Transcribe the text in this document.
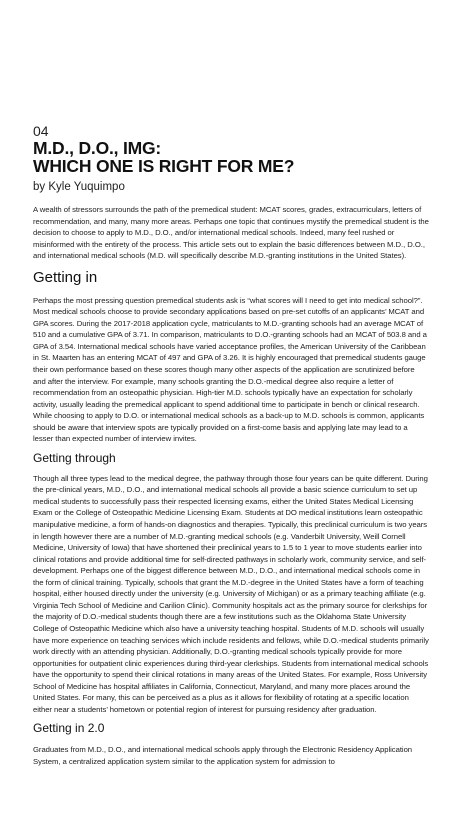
04
M.D., D.O., IMG:
WHICH ONE IS RIGHT FOR ME?
by Kyle Yuquimpo

A wealth of stressors surrounds the path of the premedical student: MCAT scores, grades, extracurriculars, letters of recommendation, and many, many more areas. Perhaps one topic that continues mystify the premedical student is the decision to choose to apply to M.D., D.O., and/or international medical schools. Indeed, many feel rushed or misinformed with the entirety of the process. This article sets out to explain the basic differences between M.D., D.O., and international medical schools (M.D. will specifically describe M.D.-granting institutions in the United States).

Getting in

Perhaps the most pressing question premedical students ask is “what scores will I need to get into medical school?”. Most medical schools choose to provide secondary applications based on pre-set cutoffs of an applicants’ MCAT and GPA scores. During the 2017-2018 application cycle, matriculants to M.D.-granting schools had an average MCAT of 510 and a cumulative GPA of 3.71. In comparison, matriculants to D.O.-granting schools had an MCAT of 503.8 and a GPA of 3.54. International medical schools have varied acceptance profiles, the American University of the Caribbean in St. Maarten has an entering MCAT of 497 and GPA of 3.26. It is highly encouraged that premedical students gauge their own performance based on these scores though many other aspects of the application are scrutinized before and after the interview. For example, many schools granting the D.O.-medical degree also require a letter of recommendation from an osteopathic physician. High-tier M.D. schools typically have an expectation for scholarly activity, usually leading the premedical applicant to spend additional time to participate in bench or clinical research. While choosing to apply to D.O. or international medical schools as a back-up to M.D. schools is common, applicants should be aware that interview spots are typically provided on a first-come basis and applying late may lead to a lesser than expected number of interview invites.

Getting through

Though all three types lead to the medical degree, the pathway through those four years can be quite different. During the pre-clinical years, M.D., D.O., and international medical schools all provide a basic science curriculum to set up medical students to successfully pass their respected licensing exams, either the United States Medical Licensing Exam or the College of Osteopathic Medicine Licensing Exam. Students at DO medical institutions learn osteopathic manipulative medicine, a form of hands-on diagnostics and therapies. Typically, this preclinical curriculum is two years in length however there are a number of M.D.-granting medical schools (e.g. Vanderbilt University, Weill Cornell Medicine, University of Iowa) that have shortened their preclinical years to 1.5 to 1 year to move students earlier into clinical rotations and provide additional time for self-directed pathways in scholarly work, community service, and self-development. Perhaps one of the biggest difference between M.D., D.O., and international medical schools come in the form of clinical training. Typically, schools that grant the M.D.-degree in the United States have a form of teaching hospital, either housed directly under the university (e.g. University of Michigan) or as a primary teaching affiliate (e.g. Virginia Tech School of Medicine and Carilion Clinic). Community hospitals act as the primary source for clerkships for the majority of D.O.-medical students though there are a few institutions such as the Oklahoma State University College of Osteopathic Medicine which also have a university teaching hospital. Students of M.D. schools will usually have more experience on teaching services which include residents and fellows, while D.O.-medical students primarily work directly with an attending physician. Additionally, D.O.-granting medical schools typically provide for more opportunities for outpatient clinic experiences during third-year clerkships. Students from international medical schools have the opportunity to spend their clinical rotations in many areas of the United States. For example, Ross University School of Medicine has hospital affiliates in California, Connecticut, Maryland, and many more places around the United States. For many, this can be perceived as a plus as it allows for flexibility of rotating at a specific location either near a students’ hometown or potential region of interest for pursuing residency after graduation.

Getting in 2.0

Graduates from M.D., D.O., and international medical schools apply through the Electronic Residency Application System, a centralized application system similar to the application system for admission to
